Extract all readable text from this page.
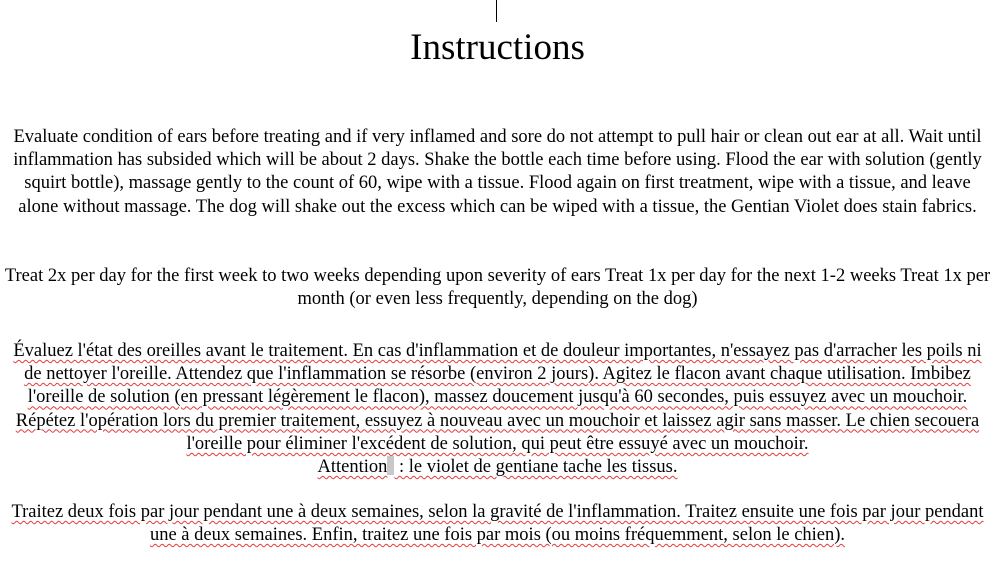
Instructions

Evaluate condition of ears before treating and if very inflamed and sore do not attempt to pull hair or clean out ear at all. Wait until inflammation has subsided which will be about 2 days. Shake the bottle each time before using. Flood the ear with solution (gently squirt bottle), massage gently to the count of 60, wipe with a tissue. Flood again on first treatment, wipe with a tissue, and leave alone without massage. The dog will shake out the excess which can be wiped with a tissue, the Gentian Violet does stain fabrics.

Treat 2x per day for the first week to two weeks depending upon severity of ears Treat 1x per day for the next 1-2 weeks Treat 1x per month (or even less frequently, depending on the dog)

Évaluez l'état des oreilles avant le traitement. En cas d'inflammation et de douleur importantes, n'essayez pas d'arracher les poils ni de nettoyer l'oreille. Attendez que l'inflammation se résorbe (environ 2 jours). Agitez le flacon avant chaque utilisation. Imbibez l'oreille de solution (en pressant légèrement le flacon), massez doucement jusqu'à 60 secondes, puis essuyez avec un mouchoir. Répétez l'opération lors du premier traitement, essuyez à nouveau avec un mouchoir et laissez agir sans masser. Le chien secouera l'oreille pour éliminer l'excédent de solution, qui peut être essuyé avec un mouchoir.
Attention : le violet de gentiane tache les tissus.

Traitez deux fois par jour pendant une à deux semaines, selon la gravité de l'inflammation. Traitez ensuite une fois par jour pendant une à deux semaines. Enfin, traitez une fois par mois (ou moins fréquemment, selon le chien).
